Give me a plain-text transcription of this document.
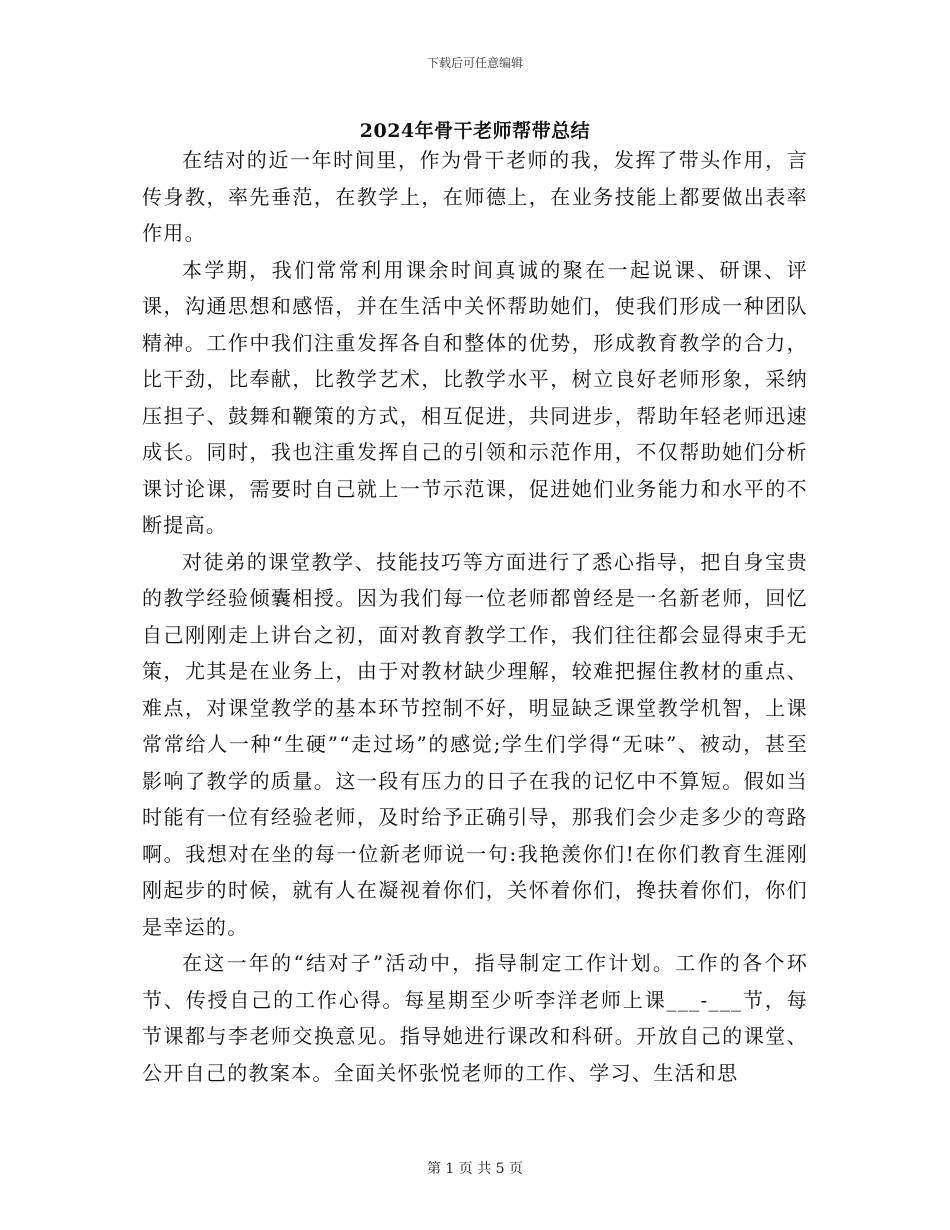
下载后可任意编辑
2024年骨干老师帮带总结

在结对的近一年时间里，作为骨干老师的我，发挥了带头作用，言传身教，率先垂范，在教学上，在师德上，在业务技能上都要做出表率作用。

本学期，我们常常利用课余时间真诚的聚在一起说课、研课、评课，沟通思想和感悟，并在生活中关怀帮助她们，使我们形成一种团队精神。工作中我们注重发挥各自和整体的优势，形成教育教学的合力，比干劲，比奉献，比教学艺术，比教学水平，树立良好老师形象，采纳压担子、鼓舞和鞭策的方式，相互促进，共同进步，帮助年轻老师迅速成长。同时，我也注重发挥自己的引领和示范作用，不仅帮助她们分析课讨论课，需要时自己就上一节示范课，促进她们业务能力和水平的不断提高。

对徒弟的课堂教学、技能技巧等方面进行了悉心指导，把自身宝贵的教学经验倾囊相授。因为我们每一位老师都曾经是一名新老师，回忆自己刚刚走上讲台之初，面对教育教学工作，我们往往都会显得束手无策，尤其是在业务上，由于对教材缺少理解，较难把握住教材的重点、难点，对课堂教学的基本环节控制不好，明显缺乏课堂教学机智，上课常常给人一种“生硬”“走过场”的感觉;学生们学得“无味”、被动，甚至影响了教学的质量。这一段有压力的日子在我的记忆中不算短。假如当时能有一位有经验老师，及时给予正确引导，那我们会少走多少的弯路啊。我想对在坐的每一位新老师说一句:我艳羡你们!在你们教育生涯刚刚起步的时候，就有人在凝视着你们，关怀着你们，搀扶着你们，你们是幸运的。

在这一年的“结对子”活动中，指导制定工作计划。工作的各个环节、传授自己的工作心得。每星期至少听李洋老师上课___-___节，每节课都与李老师交换意见。指导她进行课改和科研。开放自己的课堂、公开自己的教案本。全面关怀张悦老师的工作、学习、生活和思

第 1 页 共 5 页
